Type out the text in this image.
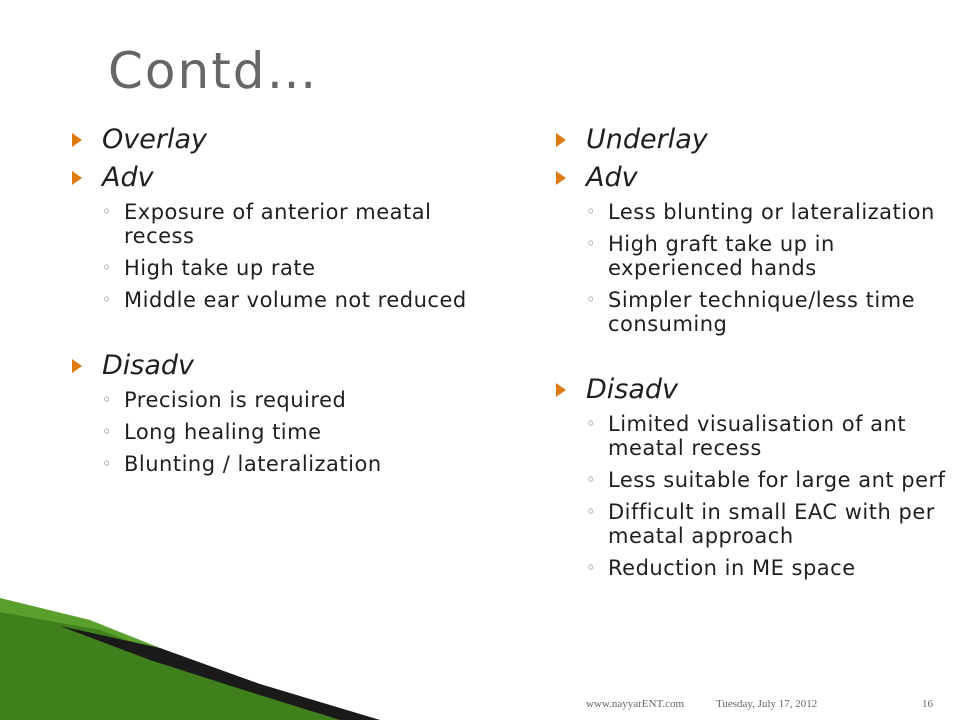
Contd…
Overlay
Adv
◦ Exposure of anterior meatal recess
◦ High take up rate
◦ Middle ear volume not reduced
Disadv
◦ Precision is required
◦ Long healing time
◦ Blunting / lateralization
Underlay
Adv
◦ Less blunting or lateralization
◦ High graft take up in experienced hands
◦ Simpler technique/less time consuming
Disadv
◦ Limited visualisation of ant meatal recess
◦ Less suitable for large ant perf
◦ Difficult in small EAC with per meatal approach
◦ Reduction in ME space
www.nayyarENT.com	Tuesday, July 17, 2012	16
